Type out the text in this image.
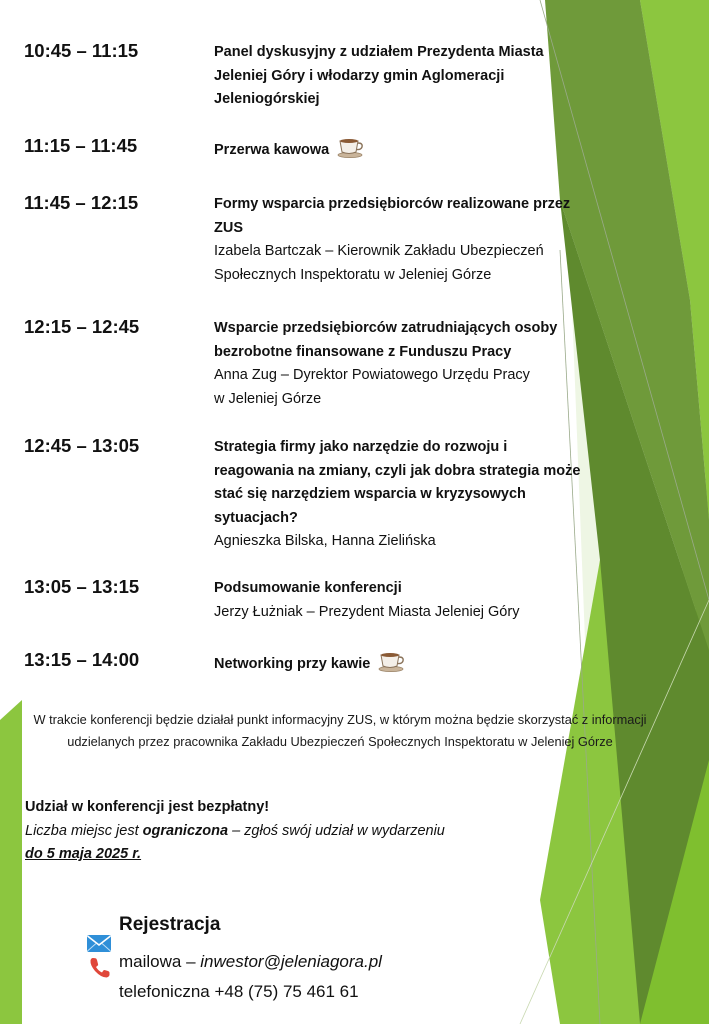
10:45 – 11:15	Panel dyskusyjny z udziałem Prezydenta Miasta Jeleniej Góry i włodarzy gmin Aglomeracji Jeleniogórskiej
11:15 – 11:45	Przerwa kawowa
11:45 – 12:15	Formy wsparcia przedsiębiorców realizowane przez ZUS
Izabela Bartczak – Kierownik Zakładu Ubezpieczeń Społecznych Inspektoratu w Jeleniej Górze
12:15 – 12:45	Wsparcie przedsiębiorców zatrudniających osoby bezrobotne finansowane z Funduszu Pracy
Anna Zug – Dyrektor Powiatowego Urzędu Pracy w Jeleniej Górze
12:45 – 13:05	Strategia firmy jako narzędzie do rozwoju i reagowania na zmiany, czyli jak dobra strategia może stać się narzędziem wsparcia w kryzysowych sytuacjach?
Agnieszka Bilska, Hanna Zielińska
13:05 – 13:15	Podsumowanie konferencji
Jerzy Łużniak – Prezydent Miasta Jeleniej Góry
13:15 – 14:00	Networking przy kawie
W trakcie konferencji będzie działał punkt informacyjny ZUS, w którym można będzie skorzystać z informacji udzielanych przez pracownika Zakładu Ubezpieczeń Społecznych Inspektoratu w Jeleniej Górze
Udział w konferencji jest bezpłatny!
Liczba miejsc jest ograniczona – zgłoś swój udział w wydarzeniu
do 5 maja 2025 r.
Rejestracja
mailowa – inwestor@jeleniagora.pl
telefoniczna +48 (75) 75 461 61
